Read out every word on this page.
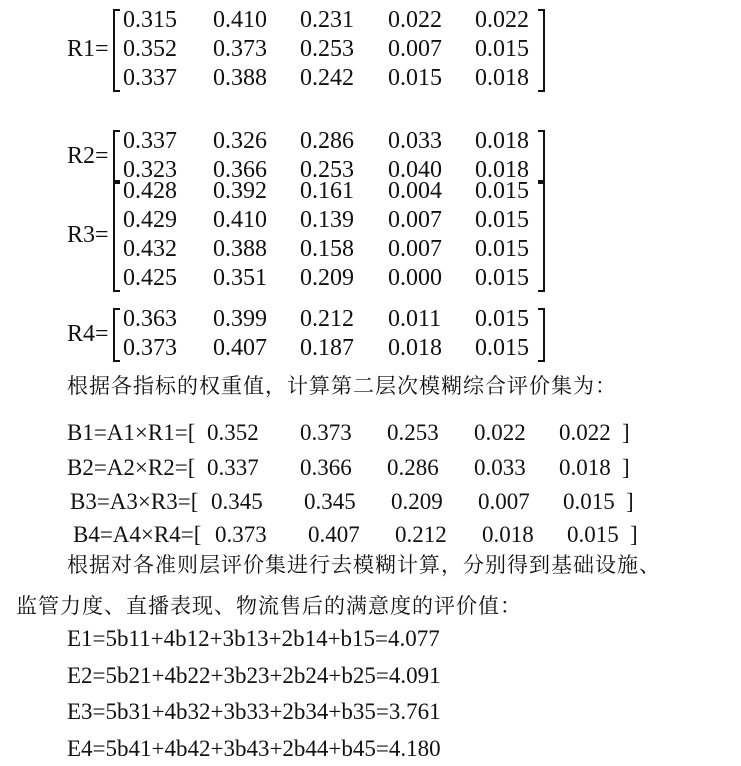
R1=
0.315	0.410	0.231	0.022	0.022
0.352	0.373	0.253	0.007	0.015
0.337	0.388	0.242	0.015	0.018
R2=
0.337	0.326	0.286	0.033	0.018
0.323	0.366	0.253	0.040	0.018
R3=
0.428	0.392	0.161	0.004	0.015
0.429	0.410	0.139	0.007	0.015
0.432	0.388	0.158	0.007	0.015
0.425	0.351	0.209	0.000	0.015
R4=
0.363	0.399	0.212	0.011	0.015
0.373	0.407	0.187	0.018	0.015
B1=A1×R1=[ 0.352 0.373 0.253 0.022 0.022 ]
B2=A2×R2=[ 0.337 0.366 0.286 0.033 0.018 ]
B3=A3×R3=[ 0.345 0.345 0.209 0.007 0.015 ]
B4=A4×R4=[ 0.373 0.407 0.212 0.018 0.015 ]
根据各指标的权重值，计算第二层次模糊综合评价集为：
根据对各准则层评价集进行去模糊计算，分别得到基础设施、
监管力度、直播表现、物流售后的满意度的评价值：
E1=5b11+4b12+3b13+2b14+b15=4.077
E2=5b21+4b22+3b23+2b24+b25=4.091
E3=5b31+4b32+3b33+2b34+b35=3.761
E4=5b41+4b42+3b43+2b44+b45=4.180
